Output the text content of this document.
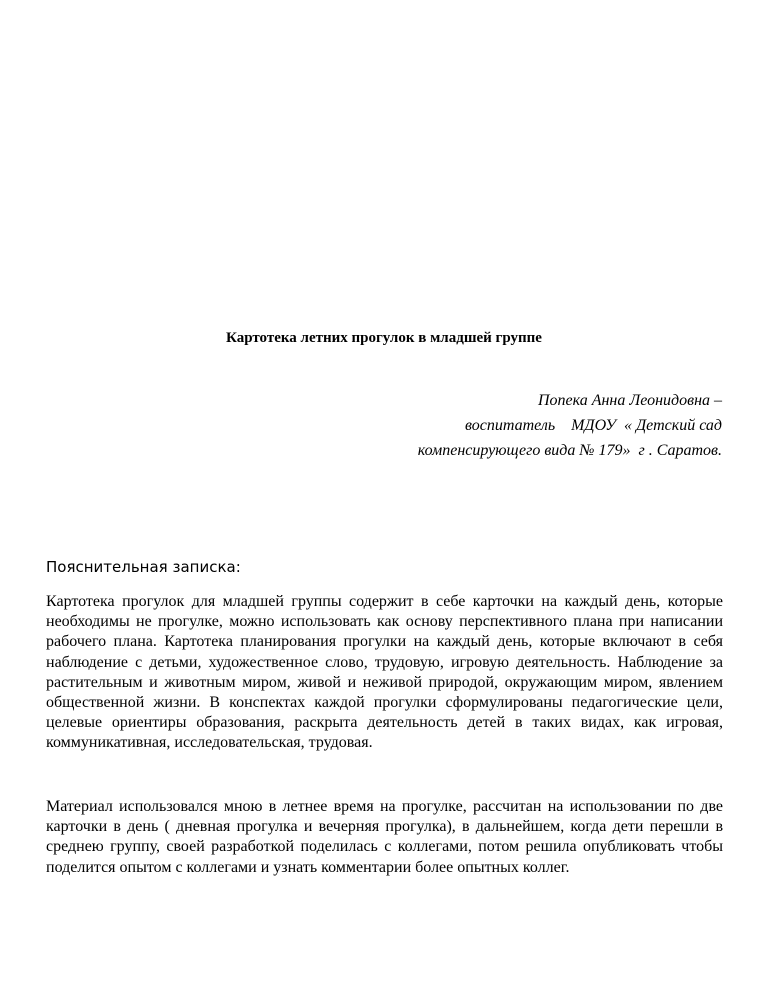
Картотека летних прогулок в младшей группе
Попека Анна Леонидовна –
воспитатель    МДОУ  « Детский сад
компенсирующего вида № 179»  г . Саратов.
Пояснительная записка:

Картотека прогулок для младшей группы содержит в себе карточки на каждый день, которые необходимы не прогулке, можно использовать как основу перспективного плана при написании рабочего плана. Картотека планирования прогулки на каждый день, которые включают в себя наблюдение с детьми, художественное слово, трудовую, игровую деятельность. Наблюдение за растительным и животным миром, живой и неживой природой, окружающим миром, явлением общественной жизни. В конспектах каждой прогулки сформулированы педагогические цели, целевые ориентиры образования, раскрыта деятельность детей в таких видах, как игровая, коммуникативная, исследовательская, трудовая.

Материал использовался мною в летнее время на прогулке, рассчитан на использовании по две карточки в день ( дневная прогулка и вечерняя прогулка), в дальнейшем, когда дети перешли в среднею группу, своей разработкой поделилась с коллегами, потом решила опубликовать чтобы поделится опытом с коллегами и узнать комментарии более опытных коллег.
